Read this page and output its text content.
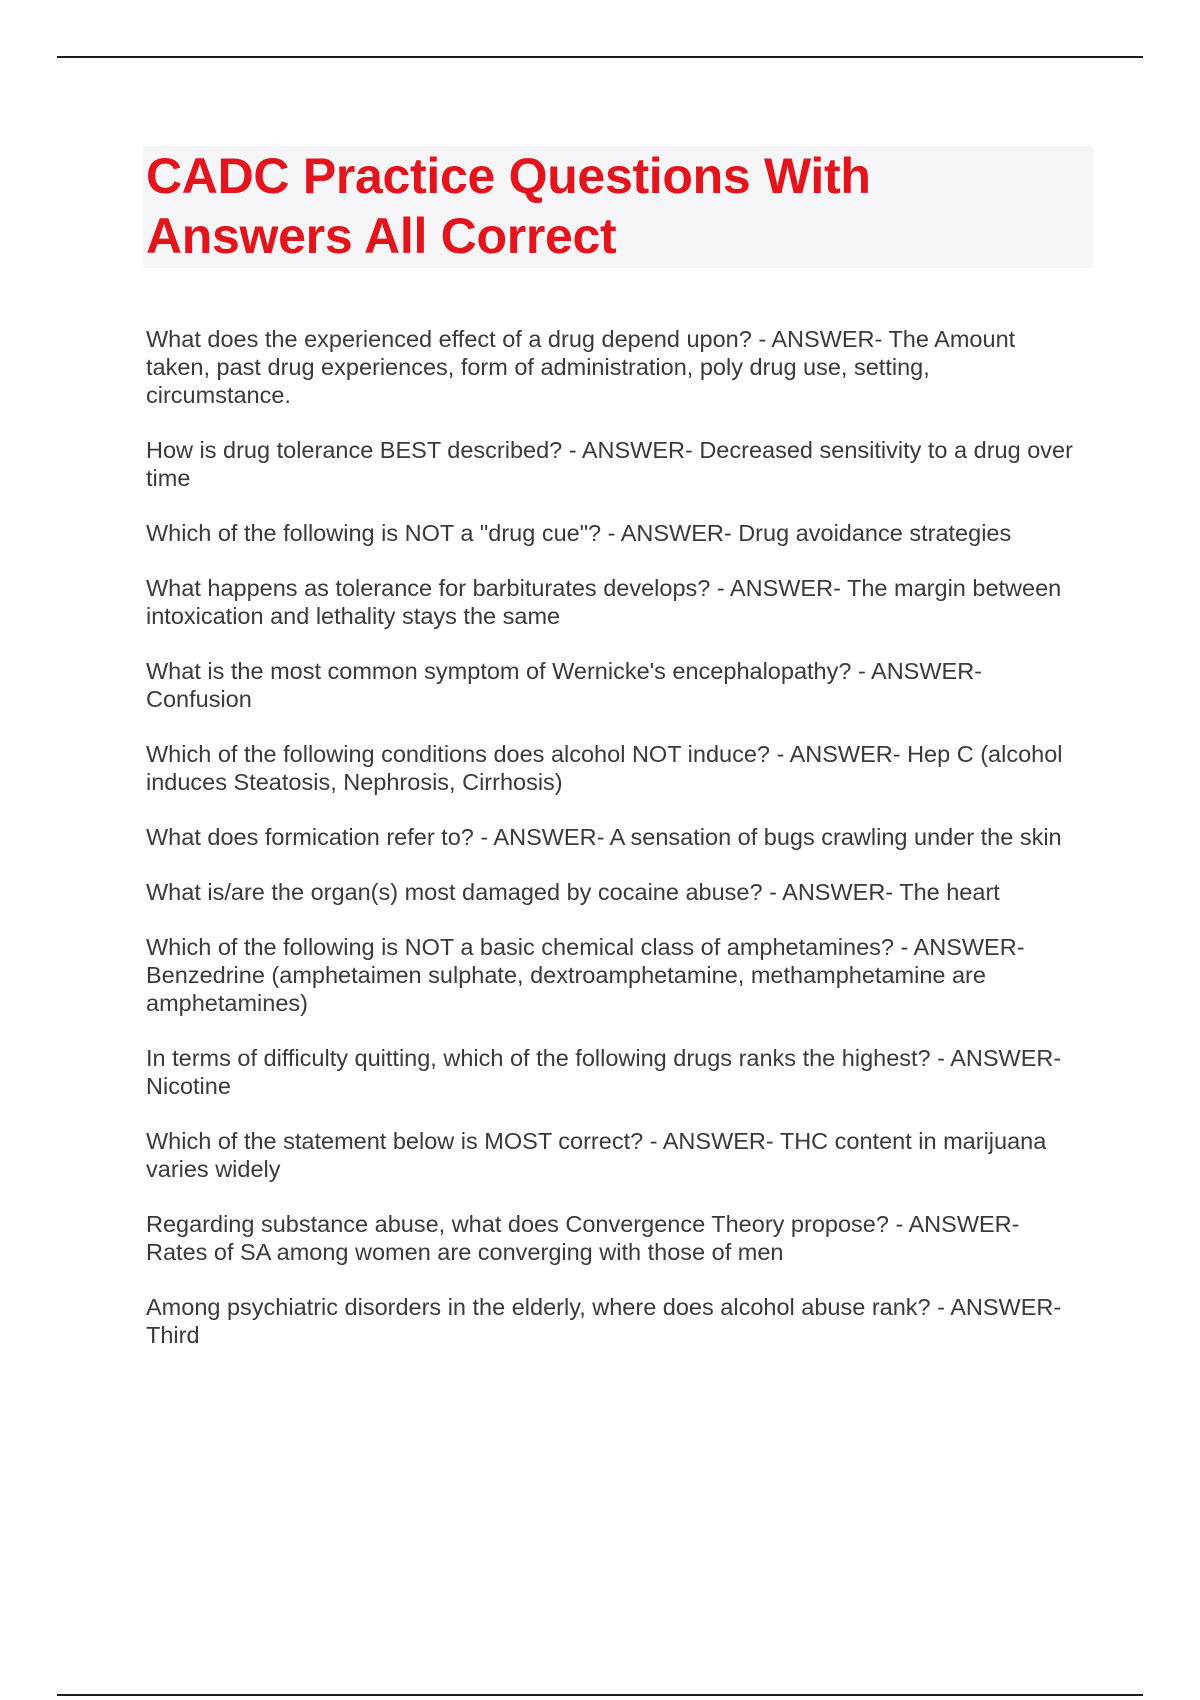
CADC Practice Questions With Answers All Correct
What does the experienced effect of a drug depend upon? - ANSWER- The Amount taken, past drug experiences, form of administration, poly drug use, setting, circumstance.
How is drug tolerance BEST described? - ANSWER- Decreased sensitivity to a drug over time
Which of the following is NOT a "drug cue"? - ANSWER- Drug avoidance strategies
What happens as tolerance for barbiturates develops? - ANSWER- The margin between intoxication and lethality stays the same
What is the most common symptom of Wernicke's encephalopathy? - ANSWER- Confusion
Which of the following conditions does alcohol NOT induce? - ANSWER- Hep C (alcohol induces Steatosis, Nephrosis, Cirrhosis)
What does formication refer to? - ANSWER- A sensation of bugs crawling under the skin
What is/are the organ(s) most damaged by cocaine abuse? - ANSWER- The heart
Which of the following is NOT a basic chemical class of amphetamines? - ANSWER- Benzedrine (amphetaimen sulphate, dextroamphetamine, methamphetamine are amphetamines)
In terms of difficulty quitting, which of the following drugs ranks the highest? - ANSWER- Nicotine
Which of the statement below is MOST correct? - ANSWER- THC content in marijuana varies widely
Regarding substance abuse, what does Convergence Theory propose? - ANSWER- Rates of SA among women are converging with those of men
Among psychiatric disorders in the elderly, where does alcohol abuse rank? - ANSWER- Third
